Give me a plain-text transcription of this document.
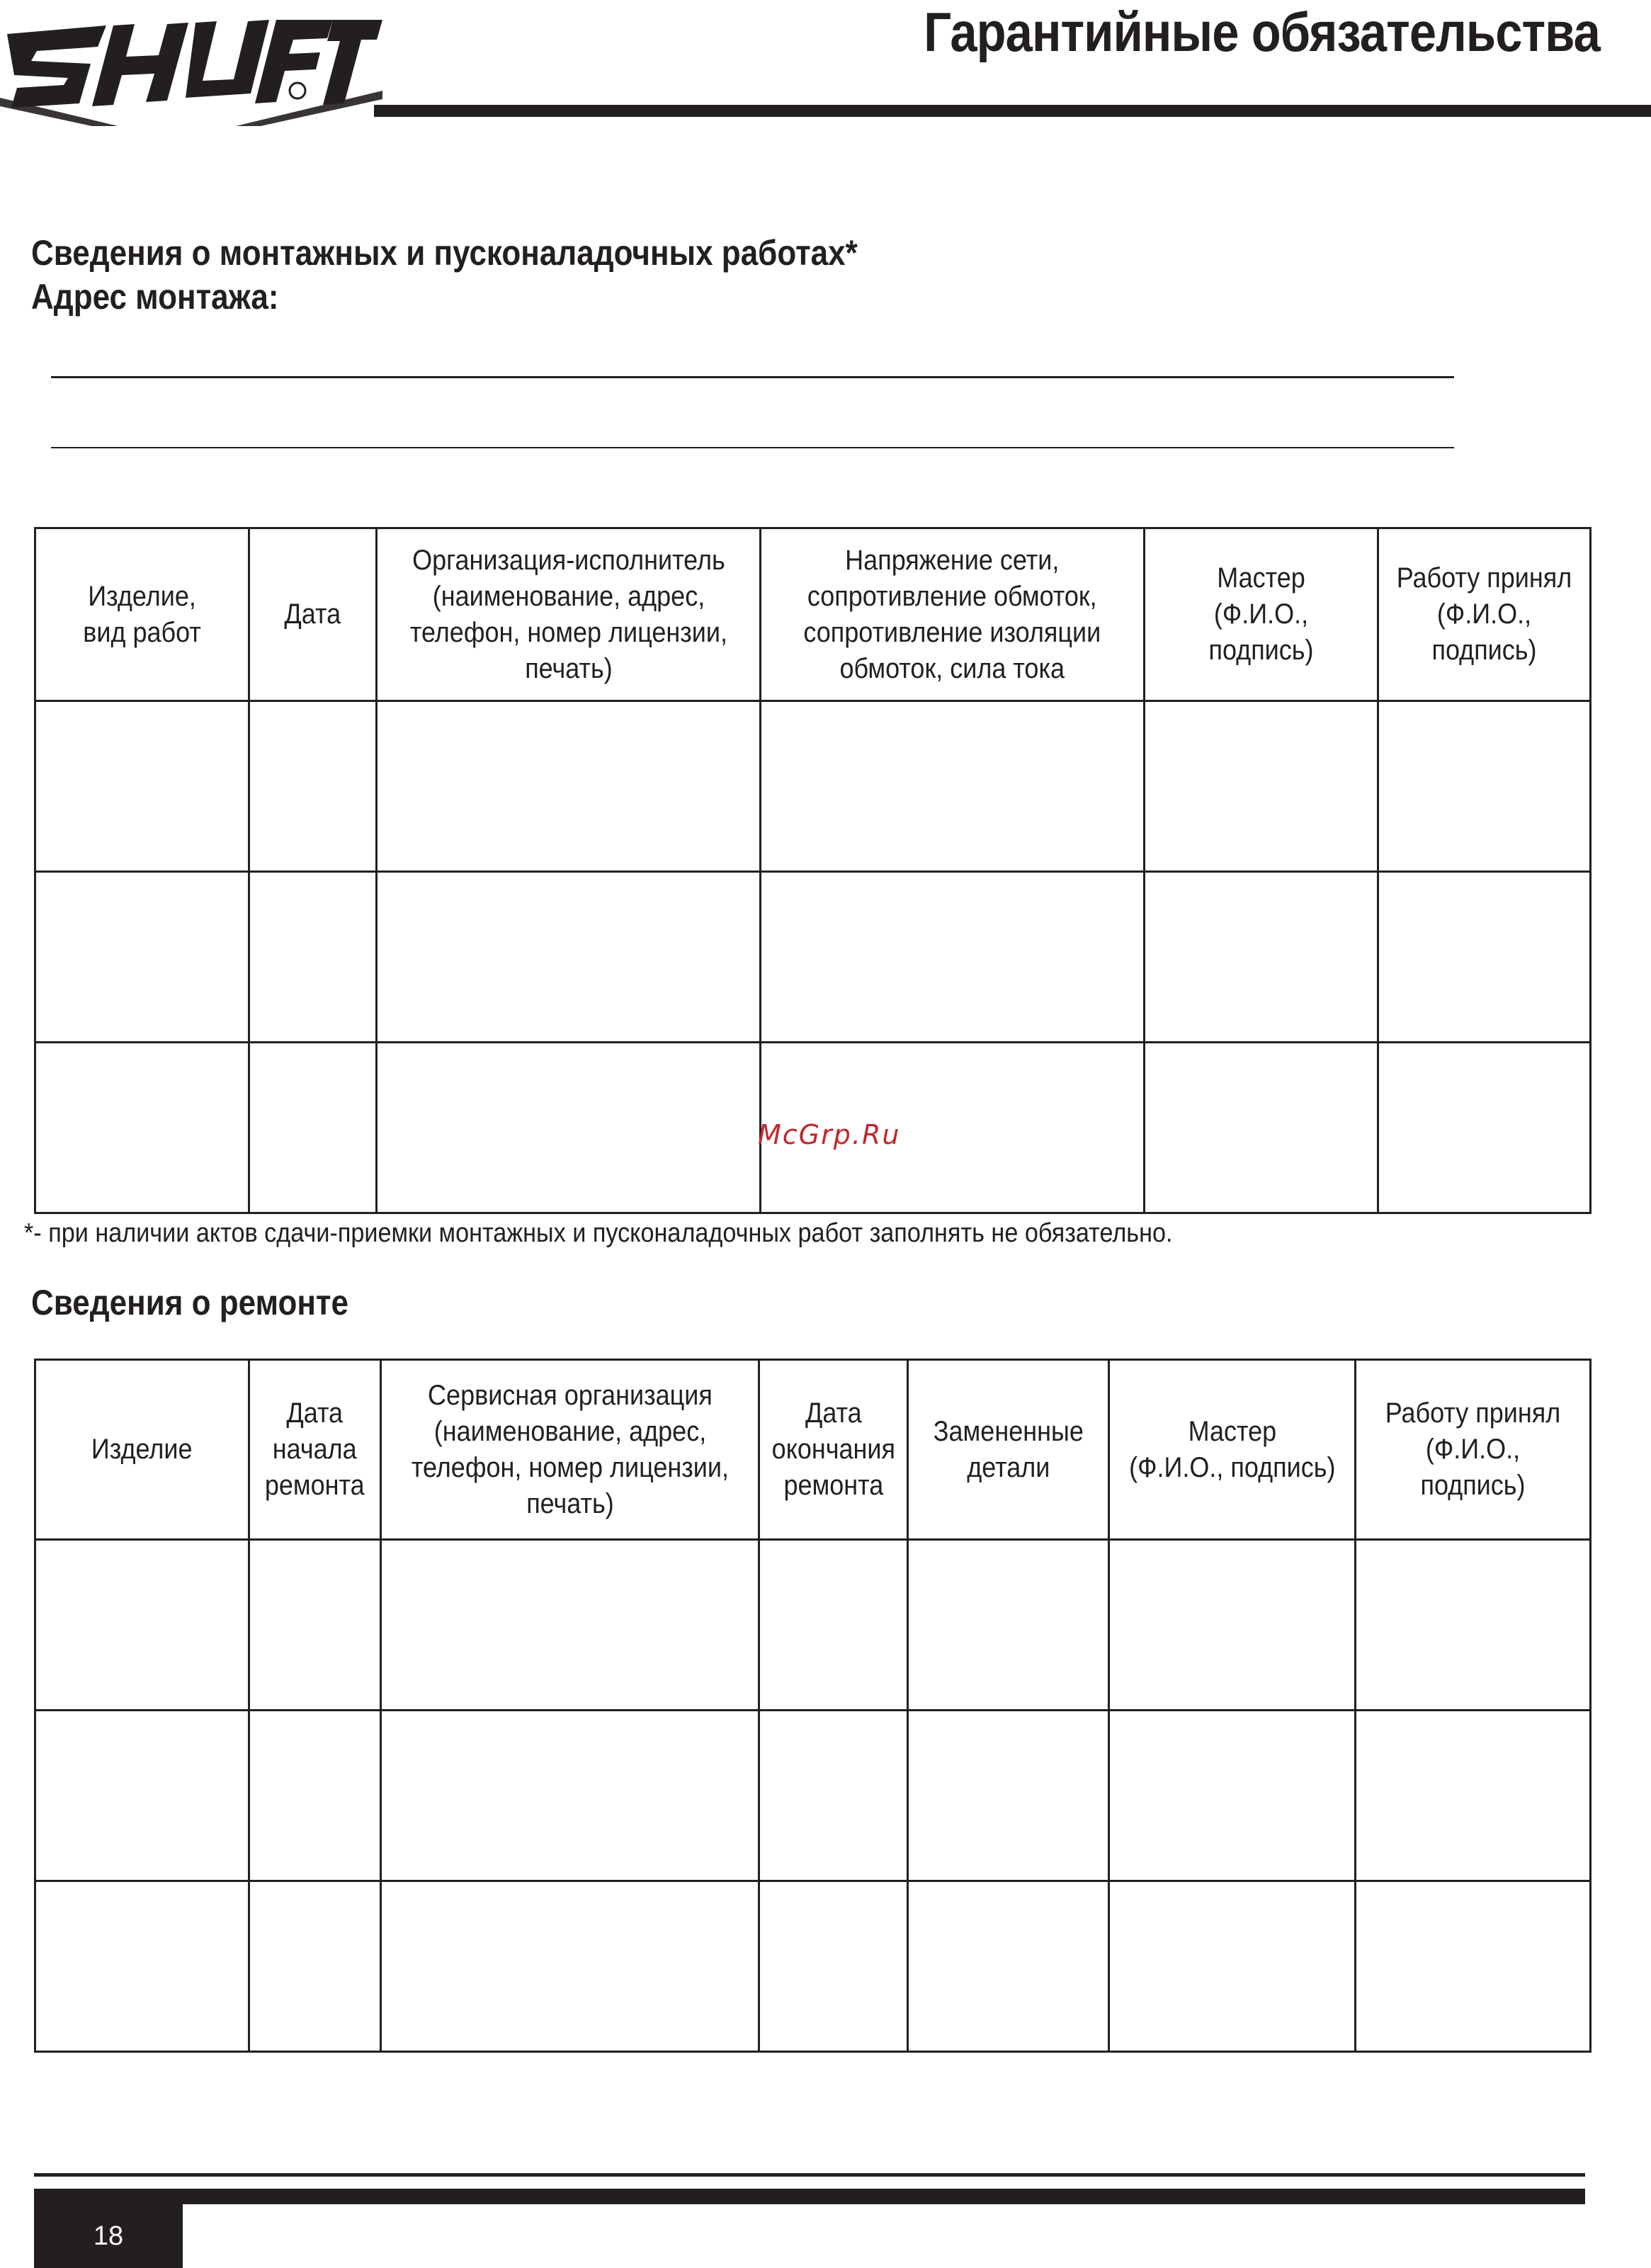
Гарантийные обязательства
Сведения о монтажных и пусконаладочных работах*
Адрес монтажа:
Изделие,
вид работ	Дата	Организация-исполнитель
(наименование, адрес,
телефон, номер лицензии,
печать)	Напряжение сети,
сопротивление обмоток,
сопротивление изоляции
обмоток, сила тока	Мастер
(Ф.И.О., подпись)	Работу принял
(Ф.И.О., подпись)

McGrp.Ru
*- при наличии актов сдачи-приемки монтажных и пусконаладочных работ заполнять не обязательно.
Сведения о ремонте
Изделие	Дата
начала
ремонта	Сервисная организация
(наименование, адрес,
телефон, номер лицензии,
печать)	Дата
окончания
ремонта	Замененные
детали	Мастер
(Ф.И.О., подпись)	Работу принял
(Ф.И.О., подпись)

18
